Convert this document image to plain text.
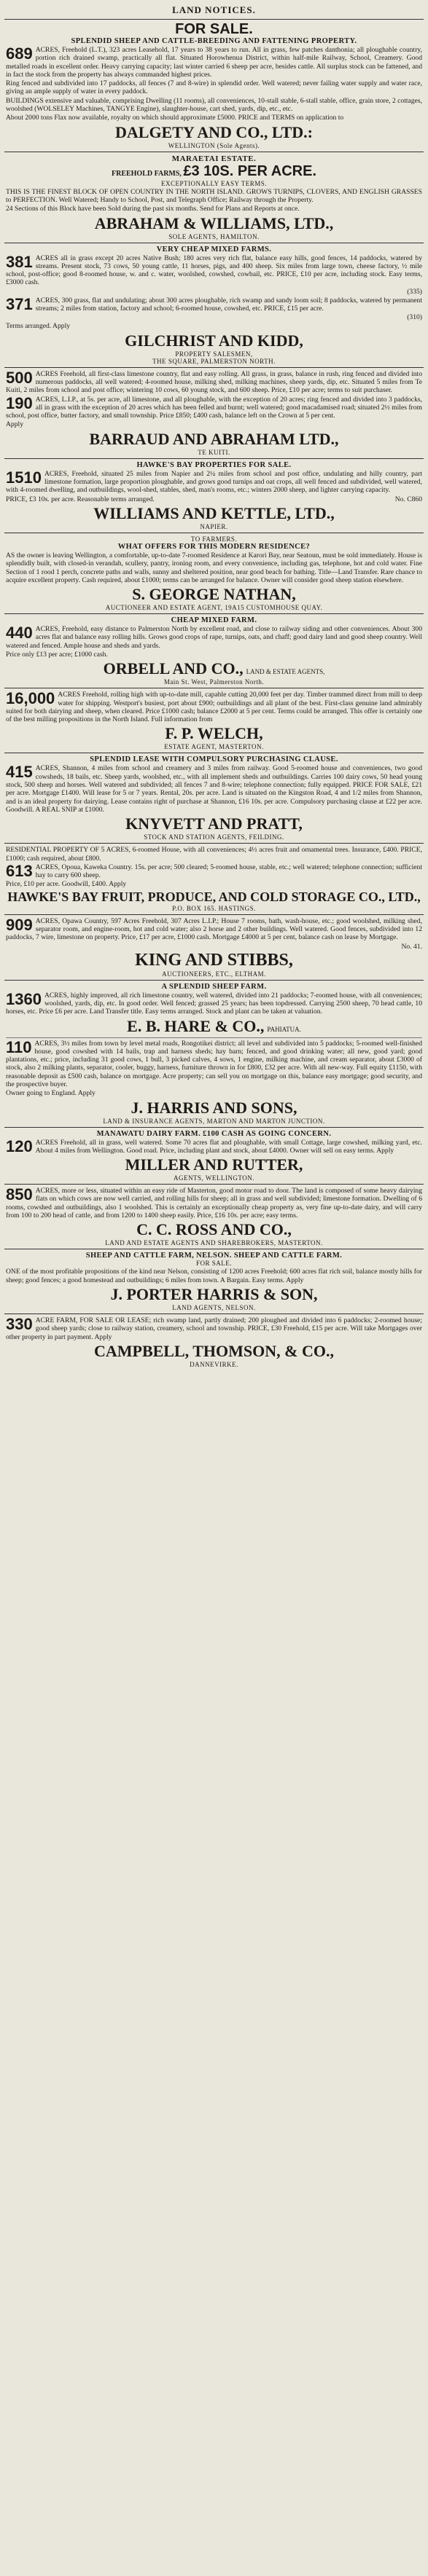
LAND NOTICES.
FOR SALE.
SPLENDID SHEEP AND CATTLE-BREEDING AND FATTENING PROPERTY.

689 ACRES, Freehold (L.T.), 323 acres Leasehold, 17 years to 38 years to run. All in grass, few patches danthonia; all ploughable country, portion rich drained swamp, practically all flat. Situated Horowhenua District, within half-mile Railway, School, Creamery. Good metalled roads in excellent order. Heavy carrying capacity; last winter carried 6 sheep per acre, besides cattle. All surplus stock can be fattened, and in fact the stock from the property has always commanded highest prices.

Ring fenced and subdivided into 17 paddocks, all fences (7 and 8-wire) in splendid order. Well watered; never failing water supply and water race, giving an ample supply of water in every paddock.

BUILDINGS extensive and valuable, comprising Dwelling (11 rooms), all conveniences, 10-stall stable, 6-stall stable, office, grain store, 2 cottages, woolshed (WOLSELEY Machines, TANGYE Engine), slaughter-house, cart shed, yards, dip, etc., etc.

About 2000 tons Flax now available, royalty on which should approximate £5000. PRICE and TERMS on application to

DALGETY AND CO., LTD.:
WELLINGTON (Sole Agents).
MARAETAI ESTATE.
FREEHOLD FARMS, £3 10S. PER ACRE.
EXCEPTIONALLY EASY TERMS.

THIS IS THE FINEST BLOCK OF OPEN COUNTRY IN THE NORTH ISLAND. GROWS TURNIPS, CLOVERS, AND ENGLISH GRASSES to PERFECTION. Well Watered; Handy to School, Post, and Telegraph Office; Railway through the Property.

24 Sections of this Block have been Sold during the past six months. Send for Plans and Reports at once.

ABRAHAM & WILLIAMS, LTD.,
SOLE AGENTS, HAMILTON.
VERY CHEAP MIXED FARMS.

381 ACRES all in grass except 20 acres Native Bush; 180 acres very rich flat, balance easy hills, good fences, 14 paddocks, watered by streams. Present stock, 73 cows, 50 young cattle, 11 horses, pigs, and 400 sheep. Six miles from large town, cheese factory, ½ mile school, post-office; good 8-roomed house, w. and c. water, woolshed, cowshed, cowbail, etc. PRICE, £10 per acre, including stock. Easy terms, £3000 cash.

(335)

371 ACRES, 300 grass, flat and undulating; about 300 acres ploughable, rich swamp and sandy loom soil; 8 paddocks, watered by permanent streams; 2 miles from station, factory and school; 6-roomed house, cowshed, etc. PRICE, £15 per acre.

(310)

Terms arranged. Apply

GILCHRIST AND KIDD,
PROPERTY SALESMEN,
THE SQUARE, PALMERSTON NORTH.

500 ACRES Freehold, all first-class limestone country, flat and easy rolling. All grass, in grass, balance in rush, ring fenced and divided into numerous paddocks, all well watered; 4-roomed house, milking shed, milking machines, sheep yards, dip, etc. Situated 5 miles from Te Kuiti, 2 miles from school and post office; wintering 10 cows, 60 young stock, and 600 sheep. Price, £10 per acre; terms to suit purchaser.

190 ACRES, L.I.P., at 5s. per acre, all limestone, and all ploughable, with the exception of 20 acres; ring fenced and divided into 3 paddocks, all in grass with the exception of 20 acres which has been felled and burnt; well watered; good macadamised road; situated 2½ miles from school, post office, butter factory, and small township. Price £850; £400 cash, balance left on the Crown at 5 per cent.

Apply

BARRAUD AND ABRAHAM LTD.,
TE KUITI.
HAWKE'S BAY PROPERTIES FOR SALE.

1510 ACRES, Freehold, situated 25 miles from Napier and 2¼ miles from school and post office, undulating and hilly country, part limestone formation, large proportion ploughable, and grows good turnips and oat crops, all well fenced and subdivided, well watered, with 4-roomed dwelling, and outbuildings, wool-shed, stables, shed, man's rooms, etc.; winters 2000 sheep, and lighter carrying capacity.

PRICE, £3 10s. per acre. Reasonable terms arranged.	No. C860

WILLIAMS AND KETTLE, LTD.,
NAPIER.
TO FARMERS.
WHAT OFFERS FOR THIS MODERN RESIDENCE?

AS the owner is leaving Wellington, a comfortable, up-to-date 7-roomed Residence at Karori Bay, near Seatoun, must be sold immediately. House is splendidly built, with closed-in verandah, scullery, pantry, ironing room, and every convenience, including gas, telephone, hot and cold water. Fine Section of 1 rood 1 perch, concrete paths and walls, sunny and sheltered position, near good beach for bathing. Title—Land Transfer. Rare chance to acquire excellent property. Cash required, about £1000; terms can be arranged for balance. Owner will consider good sheep station elsewhere.

S. GEORGE NATHAN,
AUCTIONEER AND ESTATE AGENT, 19A15 CUSTOMHOUSE QUAY.
CHEAP MIXED FARM.

440 ACRES, Freehold, easy distance to Palmerston North by excellent road, and close to railway siding and other conveniences. About 300 acres flat and balance easy rolling hills. Grows good crops of rape, turnips, oats, and chaff; good dairy land and good sheep country. Well watered and fenced. Ample house and sheds and yards.

Price only £13 per acre; £1000 cash.

ORBELL AND CO., LAND & ESTATE AGENTS,
Main St. West, Palmerston North.

16,000 ACRES Freehold, rolling high with up-to-date mill, capable cutting 20,000 feet per day. Timber trammed direct from mill to deep water for shipping. Westport's busiest, port about £900; outbuildings and all plant of the best. First-class genuine land admirably suited for both dairying and sheep, when cleared. Price £1000 cash; balance £2000 at 5 per cent. Terms could be arranged. This offer is certainly one of the best milling propositions in the North Island. Full information from

F. P. WELCH,
ESTATE AGENT, MASTERTON.
SPLENDID LEASE WITH COMPULSORY PURCHASING CLAUSE.

415 ACRES, Shannon, 4 miles from school and creamery and 3 miles from railway. Good 5-roomed house and conveniences, two good cowsheds, 18 bails, etc. Sheep yards, woolshed, etc., with all implement sheds and outbuildings. Carries 100 dairy cows, 50 head young stock, 500 sheep and horses. Well watered and subdivided; all fences 7 and 8-wire; telephone connection; fully equipped. PRICE FOR SALE, £21 per acre. Mortgage £1400. Will lease for 5 or 7 years. Rental, 20s. per acre. Land is situated on the Kingston Road, 4 and 1/2 miles from Shannon, and is an ideal property for dairying. Lease contains right of purchase at Shannon, £16 10s. per acre. Compulsory purchasing clause at £22 per acre. Goodwill. A REAL SNIP at £1000.

KNYVETT AND PRATT,
STOCK AND STATION AGENTS, FEILDING.

RESIDENTIAL PROPERTY OF 5 ACRES, 6-roomed House, with all conveniences; 4½ acres fruit and ornamental trees. Insurance, £400. PRICE, £1000; cash required, about £800.

613 ACRES, Opoua, Kaweka Country. 15s. per acre; 500 cleared; 5-roomed house, stable, etc.; well watered; telephone connection; sufficient hay to carry 600 sheep.

Price, £10 per acre. Goodwill, £400. Apply

HAWKE'S BAY FRUIT, PRODUCE, AND COLD STORAGE CO., LTD.,
P.O. BOX 165. HASTINGS.

909 ACRES, Opawa Country, 597 Acres Freehold, 307 Acres L.I.P.; House 7 rooms, bath, wash-house, etc.; good woolshed, milking shed, separator room, and engine-room, hot and cold water; also 2 horse and 2 other buildings. Well watered. Good fences, subdivided into 12 paddocks, 7 wire, limestone on property. Price, £17 per acre, £1000 cash. Mortgage £4000 at 5 per cent, balance cash on lease by Mortgage.

No. 41.
KING AND STIBBS,
AUCTIONEERS, ETC., ELTHAM.
A SPLENDID SHEEP FARM.

1360 ACRES, highly improved, all rich limestone country, well watered, divided into 21 paddocks; 7-roomed house, with all conveniences; woolshed, yards, dip, etc. In good order. Well fenced; grassed 25 years; has been topdressed. Carrying 2500 sheep, 70 head cattle, 10 horses, etc. Price £6 per acre. Land Transfer title. Easy terms arranged. Stock and plant can be taken at valuation.

E. B. HARE & CO., PAHIATUA.

110 ACRES, 3½ miles from town by level metal roads, Rongotikei district; all level and subdivided into 5 paddocks; 5-roomed well-finished house, good cowshed with 14 bails, trap and harness sheds; hay barn; fenced, and good drinking water; all new, good yard; good plantations, etc.; price, including 31 good cows, 1 bull, 3 picked calves, 4 sows, 1 engine, milking machine, and cream separator, about £3000 of stock, also 2 milking plants, separator, cooler, buggy, harness, furniture thrown in for £800, £32 per acre. With all new-way. Full equity £1150, with reasonable deposit as £500 cash, balance on mortgage. Acre property; can sell you on mortgage on this, balance easy mortgage; good security, and the prospective buyer.

Owner going to England. Apply

J. HARRIS AND SONS,
LAND & INSURANCE AGENTS, MARTON AND MARTON JUNCTION.
MANAWATU DAIRY FARM. £100 CASH AS GOING CONCERN.

120 ACRES Freehold, all in grass, well watered. Some 70 acres flat and ploughable, with small Cottage, large cowshed, milking yard, etc. About 4 miles from Wellington. Good road. Price, including plant and stock, about £4000. Owner will sell on easy terms. Apply

MILLER AND RUTTER,
AGENTS, WELLINGTON.

850 ACRES, more or less, situated within an easy ride of Masterton, good motor road to door. The land is composed of some heavy dairying flats on which cows are now well carried, and rolling hills for sheep; all in grass and well subdivided; limestone formation. Dwelling of 6 rooms, cowshed and outbuildings, also 1 woolshed. This is certainly an exceptionally cheap property as, very fine up-to-date dairy, and will carry from 100 to 200 head of cattle, and from 1200 to 1400 sheep easily. Price, £16 10s. per acre; easy terms.

C. C. ROSS AND CO.,
LAND AND ESTATE AGENTS AND SHAREBROKERS, MASTERTON.
SHEEP AND CATTLE FARM, NELSON. SHEEP AND CATTLE FARM.
FOR SALE.

ONE of the most profitable propositions of the kind near Nelson, consisting of 1200 acres Freehold; 600 acres flat rich soil, balance mostly hills for sheep; good fences; a good homestead and outbuildings; 6 miles from town. A Bargain. Easy terms. Apply

J. PORTER HARRIS & SON,
LAND AGENTS, NELSON.

330 ACRE FARM, FOR SALE OR LEASE; rich swamp land, partly drained; 200 ploughed and divided into 6 paddocks; 2-roomed house; good sheep yards; close to railway station, creamery, school and township. PRICE, £30 Freehold, £15 per acre. Will take Mortgages over other property in part payment. Apply

CAMPBELL, THOMSON, & CO.,
DANNEVIRKE.
